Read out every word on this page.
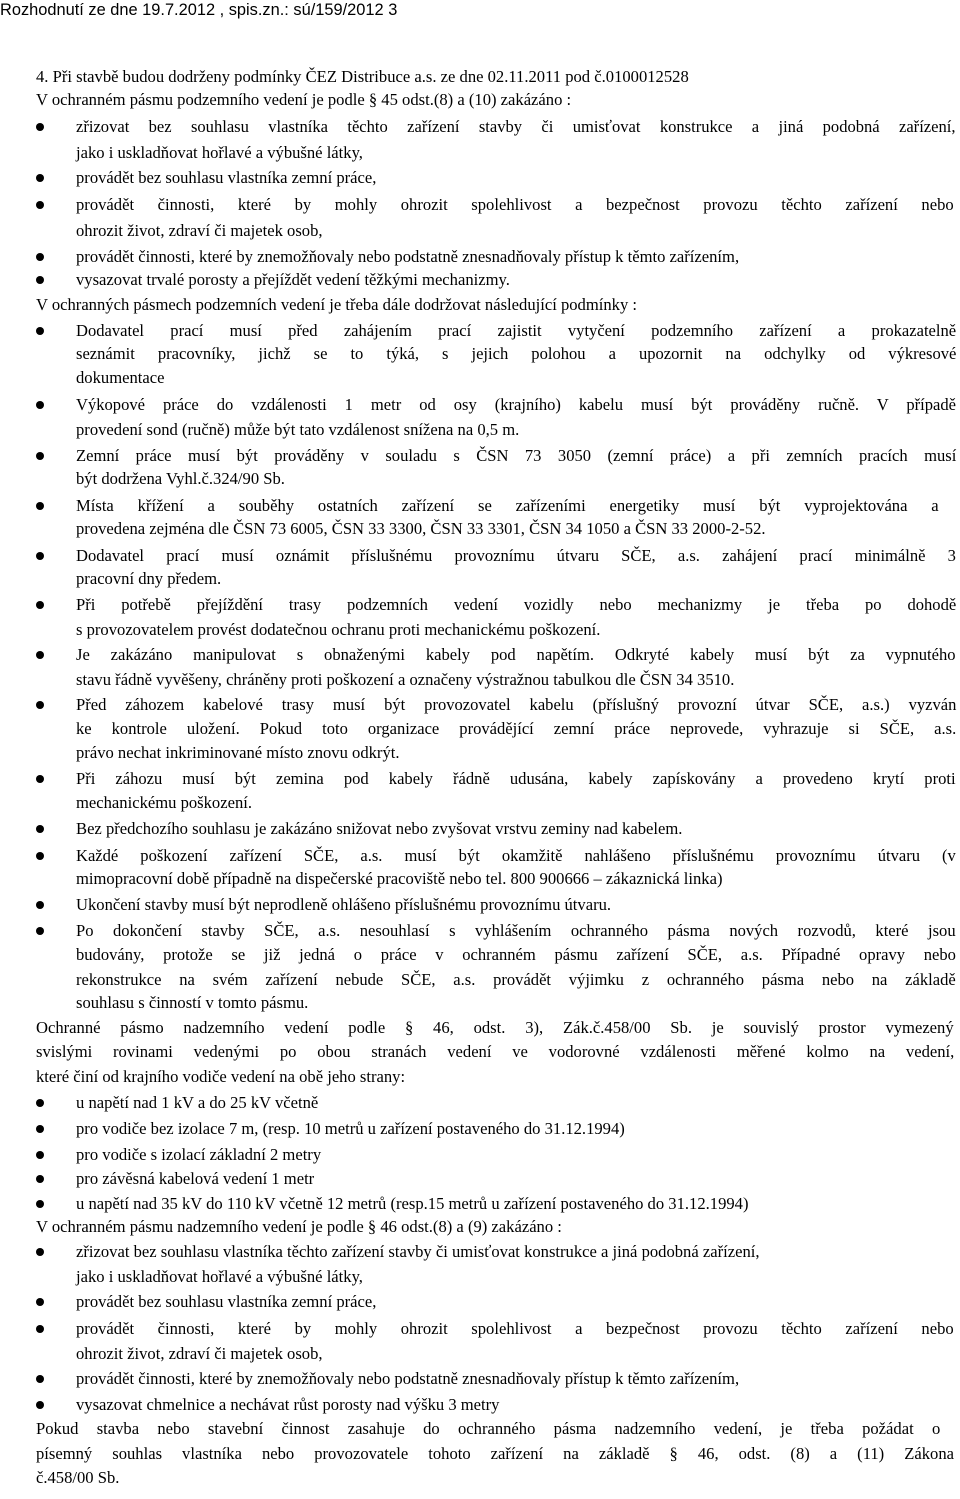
Rozhodnutí ze dne 19.7.2012 , spis.zn.: sú/159/2012 3
4. Při stavbě budou dodrženy podmínky ČEZ Distribuce a.s. ze dne 02.11.2011 pod č.0100012528
V ochranném pásmu podzemního vedení je podle § 45 odst.(8) a (10) zakázáno :
zřizovat bez souhlasu vlastníka těchto zařízení stavby či umisťovat konstrukce a jiná podobná zařízení,
jako i uskladňovat hořlavé a výbušné látky,
provádět bez souhlasu vlastníka zemní práce,
provádět činnosti, které by mohly ohrozit spolehlivost a bezpečnost provozu těchto zařízení nebo
ohrozit život, zdraví či majetek osob,
provádět činnosti, které by znemožňovaly nebo podstatně znesnadňovaly přístup k těmto zařízením,
vysazovat trvalé porosty a přejíždět vedení těžkými mechanizmy.
V ochranných pásmech podzemních vedení je třeba dále dodržovat následující podmínky :
Dodavatel prací musí před zahájením prací zajistit vytyčení podzemního zařízení a prokazatelně
seznámit pracovníky, jichž se to týká, s jejich polohou a upozornit na odchylky od výkresové
dokumentace
Výkopové práce do vzdálenosti 1 metr od osy (krajního) kabelu musí být prováděny ručně. V případě
provedení sond (ručně) může být tato vzdálenost snížena na 0,5 m.
Zemní práce musí být prováděny v souladu s ČSN 73 3050 (zemní práce) a při zemních pracích musí
být dodržena Vyhl.č.324/90 Sb.
Místa křížení a souběhy ostatních zařízení se zařízeními energetiky musí být vyprojektována a
provedena zejména dle ČSN 73 6005, ČSN 33 3300, ČSN 33 3301, ČSN 34 1050 a ČSN 33 2000-2-52.
Dodavatel prací musí oznámit příslušnému provoznímu útvaru SČE, a.s. zahájení prací minimálně 3
pracovní dny předem.
Při potřebě přejíždění trasy podzemních vedení vozidly nebo mechanizmy je třeba po dohodě
s provozovatelem provést dodatečnou ochranu proti mechanickému poškození.
Je zakázáno manipulovat s obnaženými kabely pod napětím. Odkryté kabely musí být za vypnutého
stavu řádně vyvěšeny, chráněny proti poškození a označeny výstražnou tabulkou dle ČSN 34 3510.
Před záhozem kabelové trasy musí být provozovatel kabelu (příslušný provozní útvar SČE, a.s.) vyzván
ke kontrole uložení. Pokud toto organizace provádějící zemní práce neprovede, vyhrazuje si SČE, a.s.
právo nechat inkriminované místo znovu odkrýt.
Při záhozu musí být zemina pod kabely řádně udusána, kabely zapískovány a provedeno krytí proti
mechanickému poškození.
Bez předchozího souhlasu je zakázáno snižovat nebo zvyšovat vrstvu zeminy nad kabelem.
Každé poškození zařízení SČE, a.s. musí být okamžitě nahlášeno příslušnému provoznímu útvaru (v
mimopracovní době případně na dispečerské pracoviště nebo tel. 800 900666 – zákaznická linka)
Ukončení stavby musí být neprodleně ohlášeno příslušnému provoznímu útvaru.
Po dokončení stavby SČE, a.s. nesouhlasí s vyhlášením ochranného pásma nových rozvodů, které jsou
budovány, protože se již jedná o práce v ochranném pásmu zařízení SČE, a.s. Případné opravy nebo
rekonstrukce na svém zařízení nebude SČE, a.s. provádět výjimku z ochranného pásma nebo na základě
souhlasu s činností v tomto pásmu.
Ochranné pásmo nadzemního vedení podle § 46, odst. 3), Zák.č.458/00 Sb. je souvislý prostor vymezený
svislými rovinami vedenými po obou stranách vedení ve vodorovné vzdálenosti měřené kolmo na vedení,
které činí od krajního vodiče vedení na obě jeho strany:
u napětí nad 1 kV a do 25 kV včetně
pro vodiče bez izolace 7 m, (resp. 10 metrů u zařízení postaveného do 31.12.1994)
pro vodiče s izolací základní 2 metry
pro závěsná kabelová vedení 1 metr
u napětí nad 35 kV do 110 kV včetně 12 metrů (resp.15 metrů u zařízení postaveného do 31.12.1994)
V ochranném pásmu nadzemního vedení je podle § 46 odst.(8) a (9) zakázáno :
zřizovat bez souhlasu vlastníka těchto zařízení stavby či umisťovat konstrukce a jiná podobná zařízení,
jako i uskladňovat hořlavé a výbušné látky,
provádět bez souhlasu vlastníka zemní práce,
provádět činnosti, které by mohly ohrozit spolehlivost a bezpečnost provozu těchto zařízení nebo
ohrozit život, zdraví či majetek osob,
provádět činnosti, které by znemožňovaly nebo podstatně znesnadňovaly přístup k těmto zařízením,
vysazovat chmelnice a nechávat růst porosty nad výšku 3 metry
Pokud stavba nebo stavební činnost zasahuje do ochranného pásma nadzemního vedení, je třeba požádat o
písemný souhlas vlastníka nebo provozovatele tohoto zařízení na základě § 46, odst. (8) a (11) Zákona
č.458/00 Sb.
